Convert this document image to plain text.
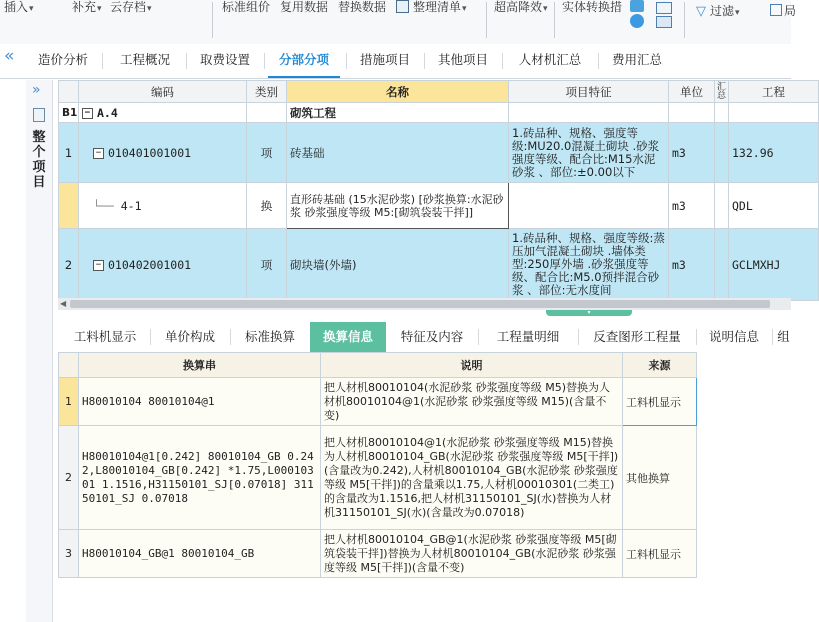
插入▾	补充▾ 云存档▾	标准组价 复用数据 替换数据	整理清单▾ 超高降效▾ 实体转换措	▽ 过滤▾	局
«	造价分析	工程概况	取费设置	分部分项	措施项目	其他项目	人材机汇总	费用汇总
»
整个项目
	编码	类别	名称	项目特征	单位	汇总	工程
B1	− A.4		砌筑工程				
1	− 010401001001	项	砖基础	1.砖品种、规格、强度等级:MU20.0混凝土砌块 .砂浆强度等级、配合比:M15水泥砂浆 、部位:±0.00以下	m3		132.96
	└── 4-1	换	直形砖基础 (15水泥砂浆) [砂浆换算:水泥砂浆 砂浆强度等级 M5:[砌筑袋装干拌]]		m3		QDL
2	− 010402001001	项	砌块墙(外墙)	1.砖品种、规格、强度等级:蒸压加气混凝土砌块 .墙体类型:250厚外墙 .砂浆强度等级、配合比:M5.0预拌混合砂浆 、部位:无水度间	m3		GCLMXHJ
◀
▾
工料机显示	单价构成	标准换算	换算信息	特征及内容	工程量明细	反查图形工程量	说明信息	组
	换算串	说明	来源
1	H80010104 80010104@1	把人材机80010104(水泥砂浆 砂浆强度等级 M5)替换为人材机80010104@1(水泥砂浆 砂浆强度等级 M15)(含量不变)	工料机显示
2	H80010104@1[0.242] 80010104_GB 0.242,L80010104_GB[0.242] *1.75,L00010301 1.1516,H31150101_SJ[0.07018] 31150101_SJ 0.07018	把人材机80010104@1(水泥砂浆 砂浆强度等级 M15)替换为人材机80010104_GB(水泥砂浆 砂浆强度等级 M5[干拌])(含量改为0.242),人材机80010104_GB(水泥砂浆 砂浆强度等级 M5[干拌])的含量乘以1.75,人材机00010301(二类工)的含量改为1.1516,把人材机31150101_SJ(水)替换为人材机31150101_SJ(水)(含量改为0.07018)	其他换算
3	H80010104_GB@1 80010104_GB	把人材机80010104_GB@1(水泥砂浆 砂浆强度等级 M5[砌筑袋装干拌])替换为人材机80010104_GB(水泥砂浆 砂浆强度等级 M5[干拌])(含量不变)	工料机显示
